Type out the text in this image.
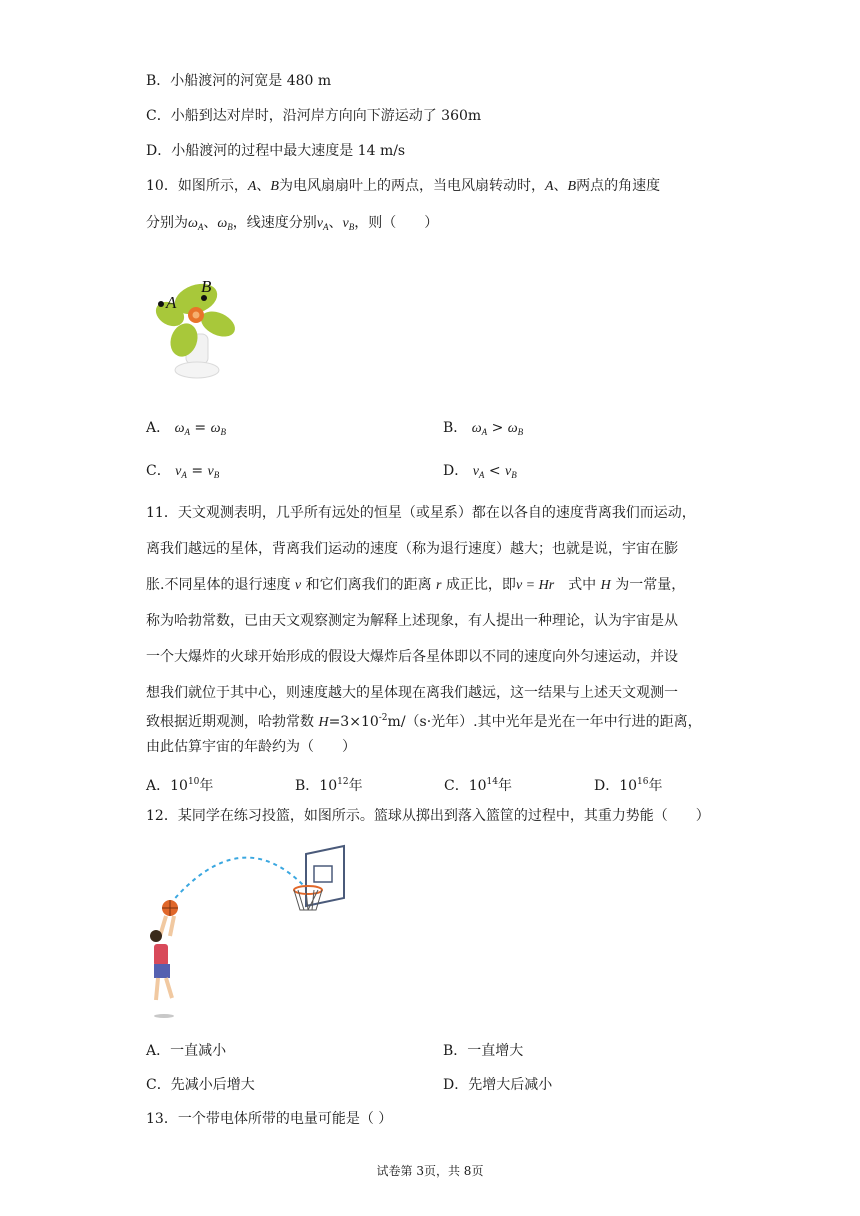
B．小船渡河的河宽是 480 m
C．小船到达对岸时，沿河岸方向向下游运动了 360m
D．小船渡河的过程中最大速度是 14 m/s
10．如图所示，A、B为电风扇扇叶上的两点，当电风扇转动时，A、B两点的角速度
分别为$\omega_A$、$\omega_B$，线速度分别$v_A$、$v_B$，则（　　）
A
B
A． $\omega_A = \omega_B$	B． $\omega_A > \omega_B$
C． $v_A = v_B$	D． $v_A < v_B$
11．天文观测表明，几乎所有远处的恒星（或星系）都在以各自的速度背离我们而运动，
离我们越远的星体，背离我们运动的速度（称为退行速度）越大；也就是说，宇宙在膨
胀.不同星体的退行速度 v 和它们离我们的距离 r 成正比，即v = Hr　式中 H 为一常量，
称为哈勃常数，已由天文观察测定为解释上述现象，有人提出一种理论，认为宇宙是从
一个大爆炸的火球开始形成的假设大爆炸后各星体即以不同的速度向外匀速运动，并设
想我们就位于其中心，则速度越大的星体现在离我们越远，这一结果与上述天文观测一
致根据近期观测，哈勃常数 $H=3\times 10^{-2}m/(s\cdot$光年）.其中光年是光在一年中行进的距离，
由此估算宇宙的年龄约为（　　）
A．$10^{10}$年	B．$10^{12}$年	C．$10^{14}$年	D．$10^{16}$年
12．某同学在练习投篮，如图所示。篮球从掷出到落入篮筐的过程中，其重力势能（　　）
A．一直减小	B．一直增大
C．先减小后增大	D．先增大后减小
13．一个带电体所带的电量可能是（ ）
试卷第 3页，共 8页
